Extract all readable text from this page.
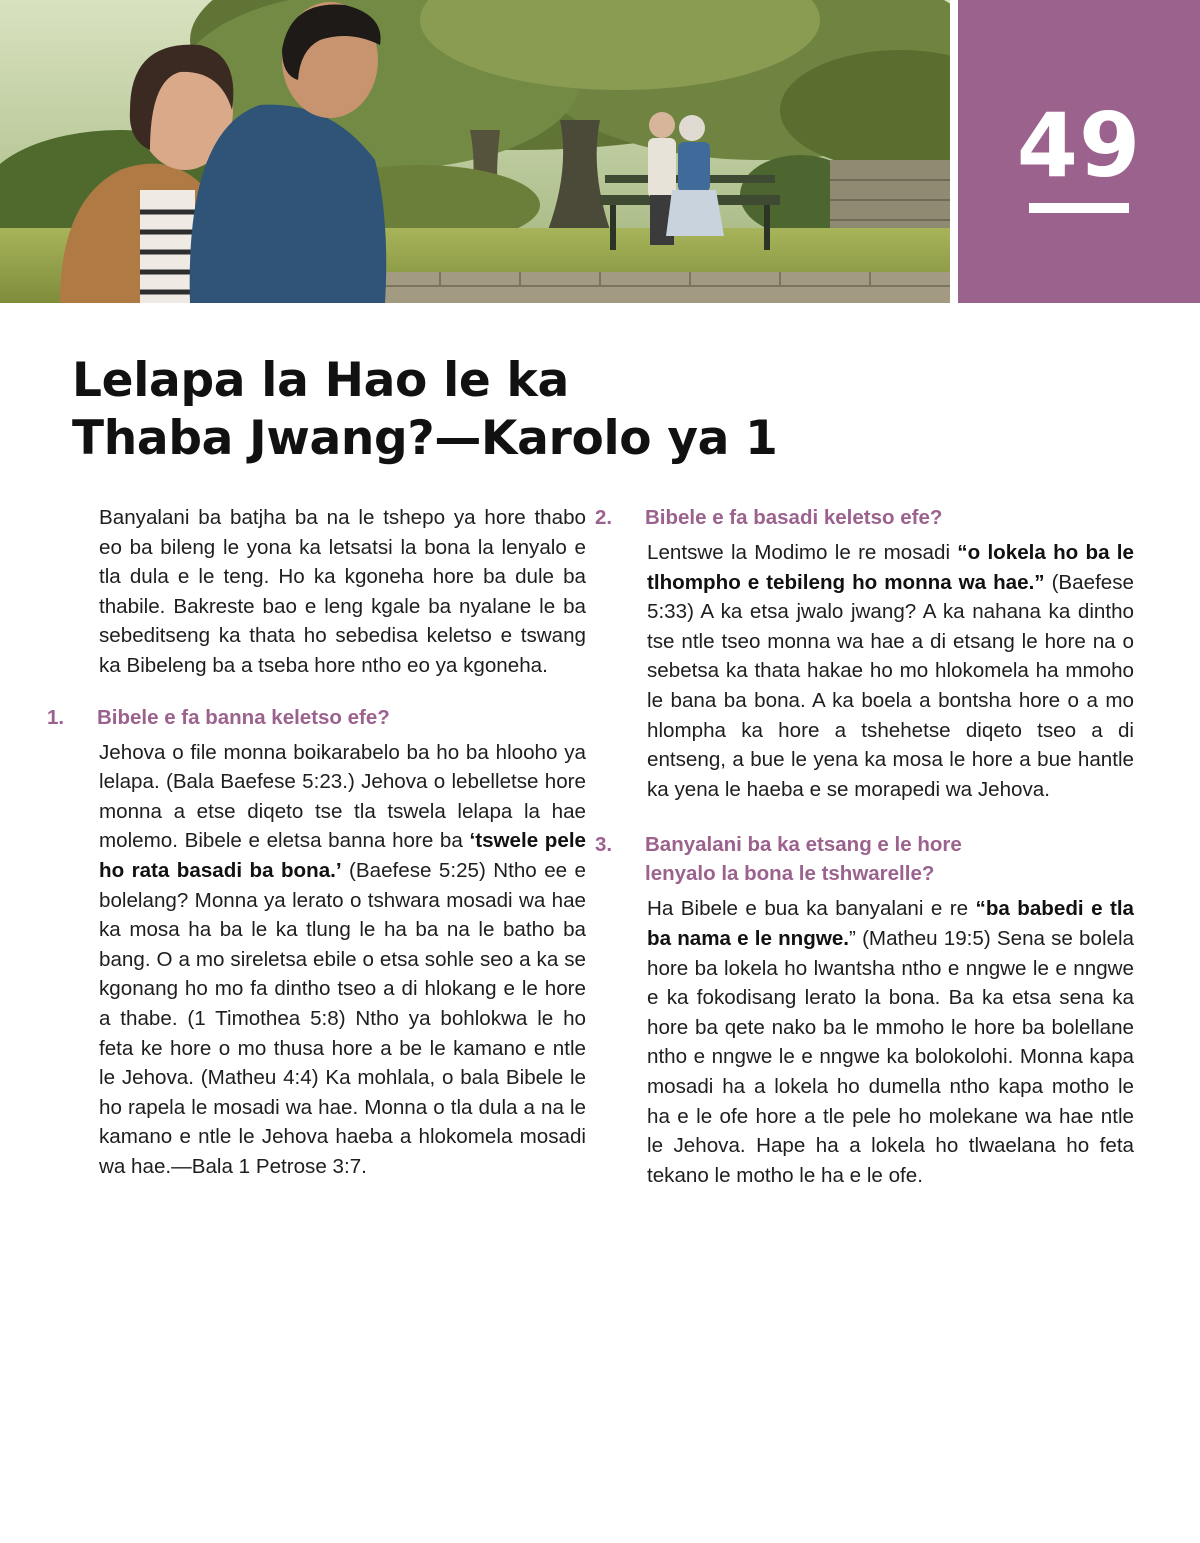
49
Lelapa la Hao le ka
Thaba Jwang?—Karolo ya 1

Banyalani ba batjha ba na le tshepo ya hore thabo eo ba bileng le yona ka letsatsi la bona la lenyalo e tla dula e le teng. Ho ka kgoneha hore ba dule ba thabile. Bakreste bao e leng kgale ba nyalane le ba sebeditseng ka thata ho sebedisa keletso e tswang ka Bibeleng ba a tseba hore ntho eo ya kgoneha.

1. Bibele e fa banna keletso efe?

Jehova o file monna boikarabelo ba ho ba hlooho ya lelapa. (Bala Baefese 5:23.) Jehova o lebelletse hore monna a etse diqeto tse tla tswela lelapa la hae molemo. Bibele e eletsa banna hore ba ‘tswele pele ho rata basadi ba bona.’ (Baefese 5:25) Ntho ee e bolelang? Monna ya lerato o tshwara mosadi wa hae ka mosa ha ba le ka tlung le ha ba na le batho ba bang. O a mo sireletsa ebile o etsa sohle seo a ka se kgonang ho mo fa dintho tseo a di hlokang e le hore a thabe. (1 Timothea 5:8) Ntho ya bohlokwa le ho feta ke hore o mo thusa hore a be le kamano e ntle le Jehova. (Matheu 4:4) Ka mohlala, o bala Bibele le ho rapela le mosadi wa hae. Monna o tla dula a na le kamano e ntle le Jehova haeba a hlokomela mosadi wa hae.—Bala 1 Petrose 3:7.

2. Bibele e fa basadi keletso efe?

Lentswe la Modimo le re mosadi “o lokela ho ba le tlhompho e tebileng ho monna wa hae.” (Baefese 5:33) A ka etsa jwalo jwang? A ka nahana ka dintho tse ntle tseo monna wa hae a di etsang le hore na o sebetsa ka thata hakae ho mo hlokomela ha mmoho le bana ba bona. A ka boela a bontsha hore o a mo hlompha ka hore a tshehetse diqeto tseo a di entseng, a bue le yena ka mosa le hore a bue hantle ka yena le haeba e se morapedi wa Jehova.

3. Banyalani ba ka etsang e le hore
lenyalo la bona le tshwarelle?

Ha Bibele e bua ka banyalani e re “ba babedi e tla ba nama e le nngwe.” (Matheu 19:5) Sena se bolela hore ba lokela ho lwantsha ntho e nngwe le e nngwe e ka fokodisang lerato la bona. Ba ka etsa sena ka hore ba qete nako ba le mmoho le hore ba bolellane ntho e nngwe le e nngwe ka bolokolohi. Monna kapa mosadi ha a lokela ho dumella ntho kapa motho le ha e le ofe hore a tle pele ho molekane wa hae ntle le Jehova. Hape ha a lokela ho tlwaelana ho feta tekano le motho le ha e le ofe.
